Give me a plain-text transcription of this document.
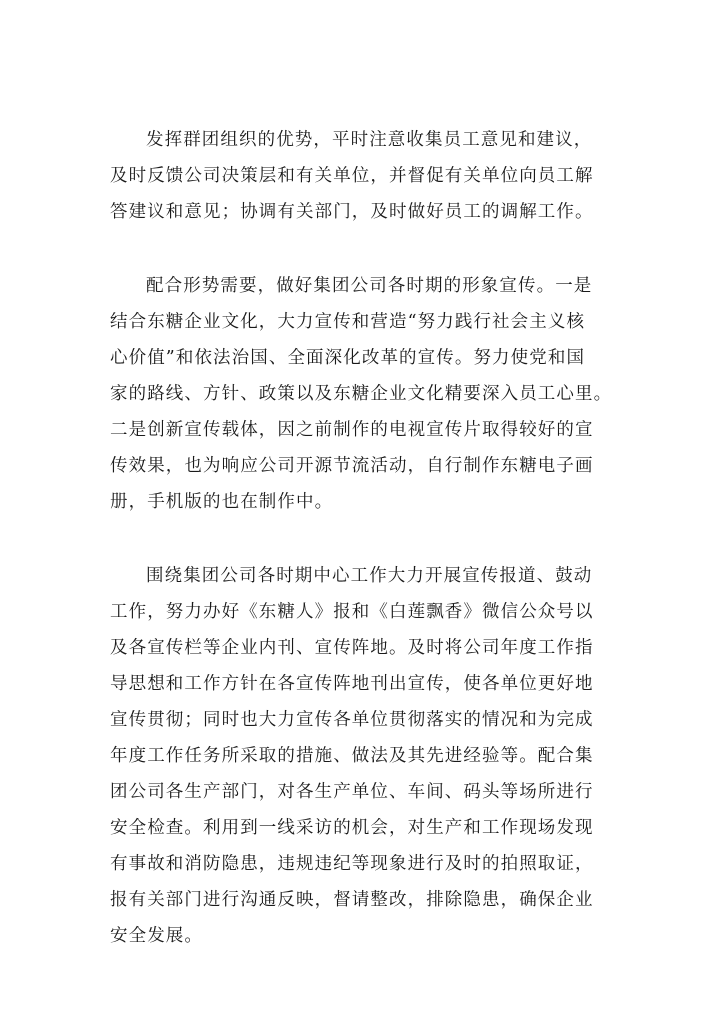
发挥群团组织的优势，平时注意收集员工意见和建议，
及时反馈公司决策层和有关单位，并督促有关单位向员工解
答建议和意见；协调有关部门，及时做好员工的调解工作。
配合形势需要，做好集团公司各时期的形象宣传。一是
结合东糖企业文化，大力宣传和营造“努力践行社会主义核
心价值”和依法治国、全面深化改革的宣传。努力使党和国
家的路线、方针、政策以及东糖企业文化精要深入员工心里。
二是创新宣传载体，因之前制作的电视宣传片取得较好的宣
传效果，也为响应公司开源节流活动，自行制作东糖电子画
册，手机版的也在制作中。
围绕集团公司各时期中心工作大力开展宣传报道、鼓动
工作，努力办好《东糖人》报和《白莲飘香》微信公众号以
及各宣传栏等企业内刊、宣传阵地。及时将公司年度工作指
导思想和工作方针在各宣传阵地刊出宣传，使各单位更好地
宣传贯彻；同时也大力宣传各单位贯彻落实的情况和为完成
年度工作任务所采取的措施、做法及其先进经验等。配合集
团公司各生产部门，对各生产单位、车间、码头等场所进行
安全检查。利用到一线采访的机会，对生产和工作现场发现
有事故和消防隐患，违规违纪等现象进行及时的拍照取证，
报有关部门进行沟通反映，督请整改，排除隐患，确保企业
安全发展。
